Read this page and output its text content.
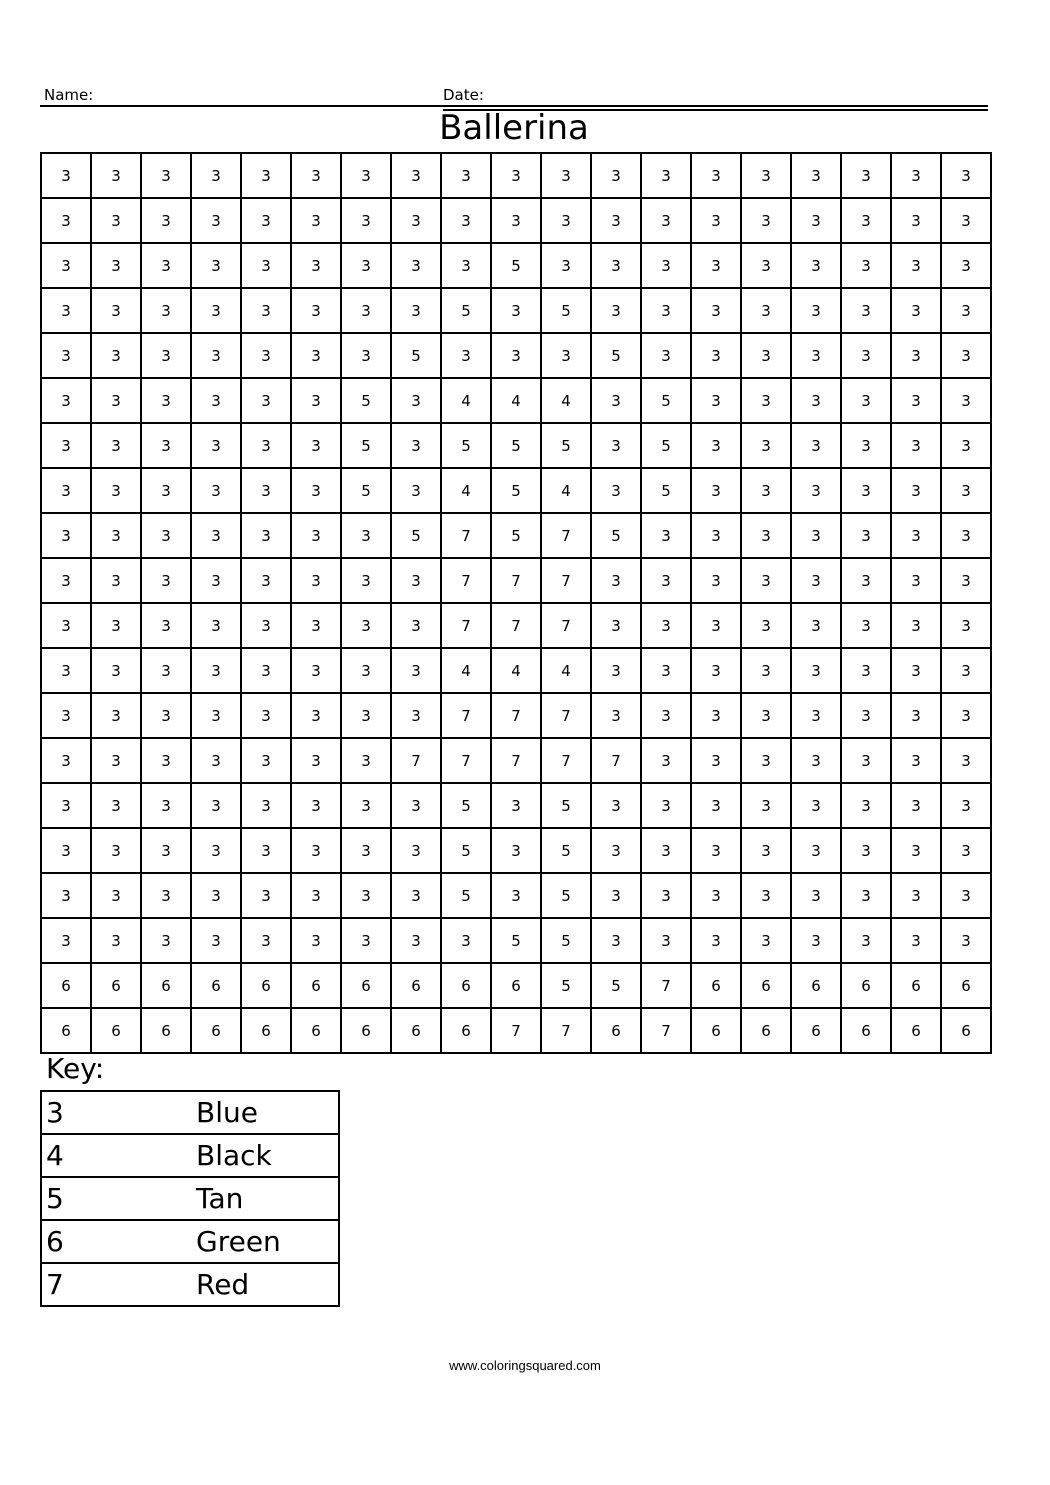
Name:	Date:
Ballerina
3	3	3	3	3	3	3	3	3	3	3	3	3	3	3	3	3	3	3
3	3	3	3	3	3	3	3	3	3	3	3	3	3	3	3	3	3	3
3	3	3	3	3	3	3	3	3	5	3	3	3	3	3	3	3	3	3
3	3	3	3	3	3	3	3	5	3	5	3	3	3	3	3	3	3	3
3	3	3	3	3	3	3	5	3	3	3	5	3	3	3	3	3	3	3
3	3	3	3	3	3	5	3	4	4	4	3	5	3	3	3	3	3	3
3	3	3	3	3	3	5	3	5	5	5	3	5	3	3	3	3	3	3
3	3	3	3	3	3	5	3	4	5	4	3	5	3	3	3	3	3	3
3	3	3	3	3	3	3	5	7	5	7	5	3	3	3	3	3	3	3
3	3	3	3	3	3	3	3	7	7	7	3	3	3	3	3	3	3	3
3	3	3	3	3	3	3	3	7	7	7	3	3	3	3	3	3	3	3
3	3	3	3	3	3	3	3	4	4	4	3	3	3	3	3	3	3	3
3	3	3	3	3	3	3	3	7	7	7	3	3	3	3	3	3	3	3
3	3	3	3	3	3	3	7	7	7	7	7	3	3	3	3	3	3	3
3	3	3	3	3	3	3	3	5	3	5	3	3	3	3	3	3	3	3
3	3	3	3	3	3	3	3	5	3	5	3	3	3	3	3	3	3	3
3	3	3	3	3	3	3	3	5	3	5	3	3	3	3	3	3	3	3
3	3	3	3	3	3	3	3	3	5	5	3	3	3	3	3	3	3	3
6	6	6	6	6	6	6	6	6	6	5	5	7	6	6	6	6	6	6
6	6	6	6	6	6	6	6	6	7	7	6	7	6	6	6	6	6	6
Key:
3	Blue
4	Black
5	Tan
6	Green
7	Red
www.coloringsquared.com
